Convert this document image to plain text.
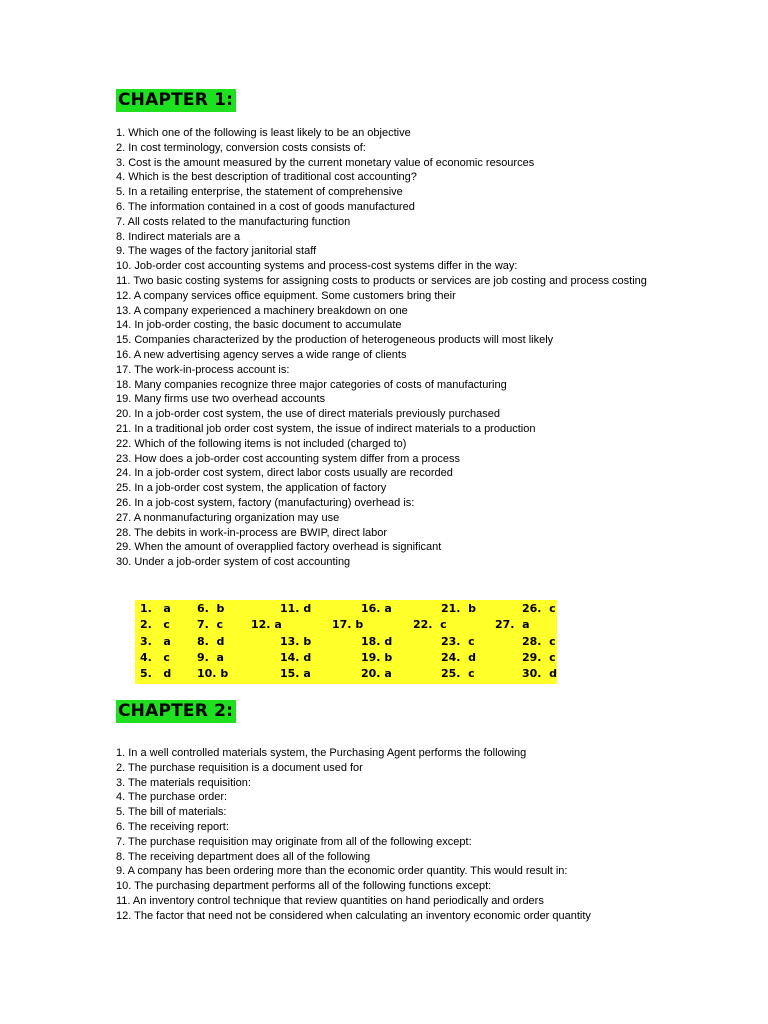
CHAPTER 1:
1. Which one of the following is least likely to be an objective
2. In cost terminology, conversion costs consists of:
3. Cost is the amount measured by the current monetary value of economic resources
4. Which is the best description of traditional cost accounting?
5. In a retailing enterprise, the statement of comprehensive
6. The information contained in a cost of goods manufactured
7. All costs related to the manufacturing function
8. Indirect materials are a
9. The wages of the factory janitorial staff
10. Job-order cost accounting systems and process-cost systems differ in the way:
11. Two basic costing systems for assigning costs to products or services are job costing and process costing
12. A company services office equipment. Some customers bring their
13. A company experienced a machinery breakdown on one
14. In job-order costing, the basic document to accumulate
15. Companies characterized by the production of heterogeneous products will most likely
16. A new advertising agency serves a wide range of clients
17. The work-in-process account is:
18. Many companies recognize three major categories of costs of manufacturing
19. Many firms use two overhead accounts
20. In a job-order cost system, the use of direct materials previously purchased
21. In a traditional job order cost system, the issue of indirect materials to a production
22. Which of the following items is not included (charged to)
23. How does a job-order cost accounting system differ from a process
24. In a job-order cost system, direct labor costs usually are recorded
25. In a job-order cost system, the application of factory
26. In a job-cost system, factory (manufacturing) overhead is:
27. A nonmanufacturing organization may use
28. The debits in work-in-process are BWIP, direct labor
29. When the amount of overapplied factory overhead is significant
30. Under a job-order system of cost accounting
1.   a 6.  b	11. d	16. a	21.  b	26.  c
2.   c 7.  c	12. a	17. b	22.  c	27.  a
3.   a 8.  d	13. b	18. d	23.  c	28.  c
4.   c 9.  a	14. d	19. b	24.  d	29.  c
5.   d 10. b	15. a	20. a	25.  c	30.  d
CHAPTER 2:
1. In a well controlled materials system, the Purchasing Agent performs the following
2. The purchase requisition is a document used for
3. The materials requisition:
4. The purchase order:
5. The bill of materials:
6. The receiving report:
7. The purchase requisition may originate from all of the following except:
8. The receiving department does all of the following
9. A company has been ordering more than the economic order quantity. This would result in:
10. The purchasing department performs all of the following functions except:
11. An inventory control technique that review quantities on hand periodically and orders
12. The factor that need not be considered when calculating an inventory economic order quantity
